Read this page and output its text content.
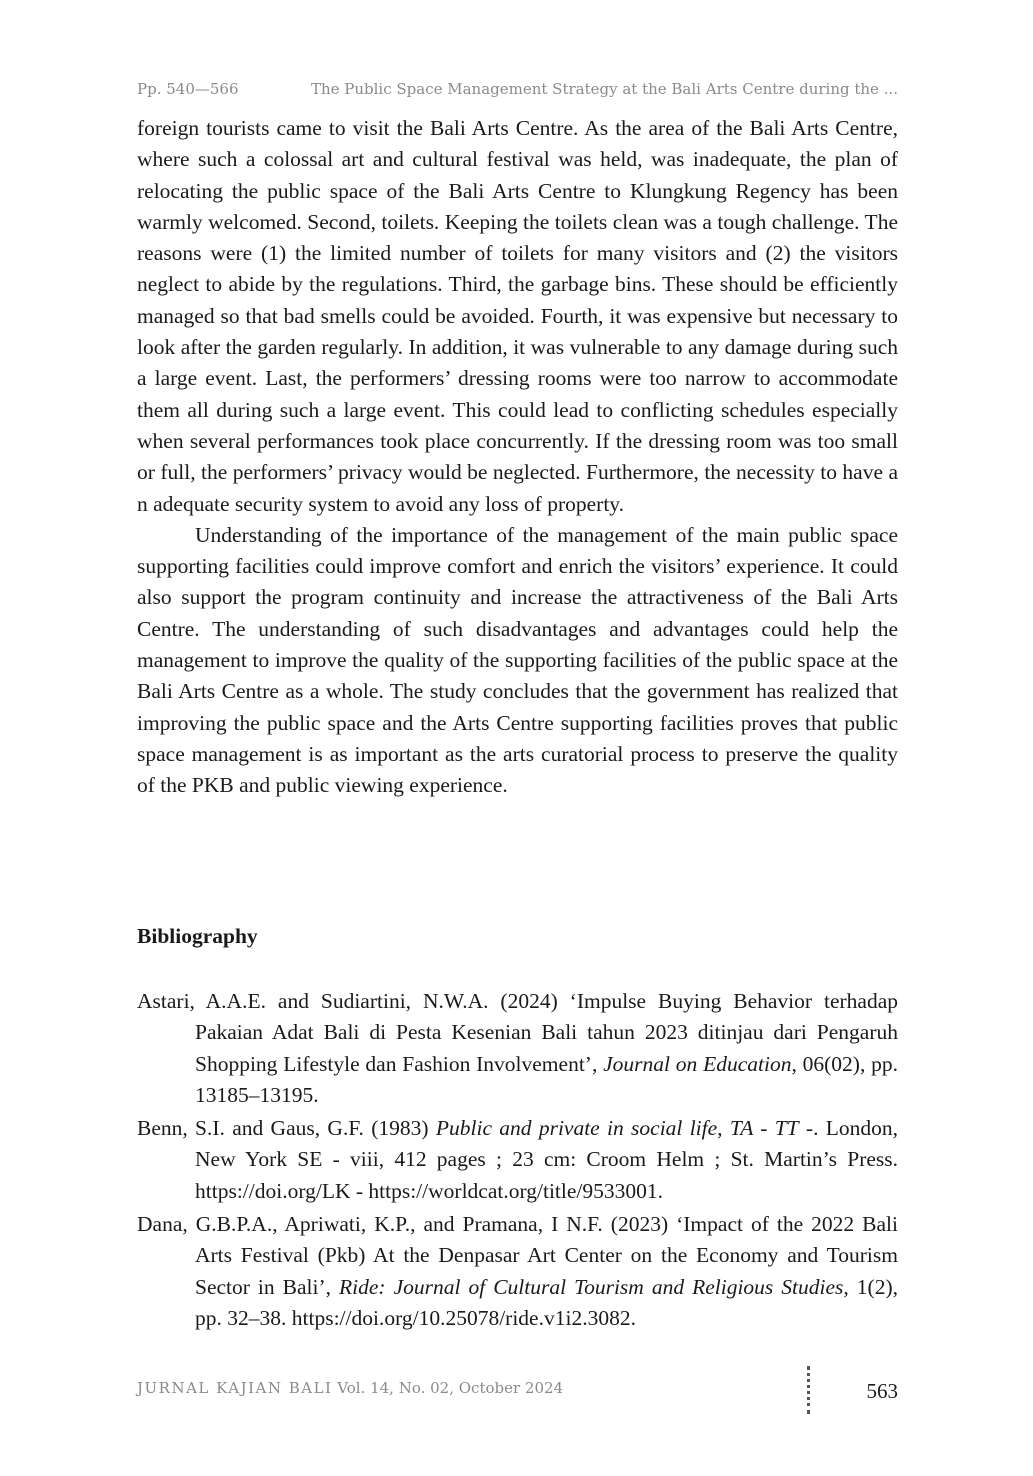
Pp. 540—566	The Public Space Management Strategy at the Bali Arts Centre during the ...

foreign tourists came to visit the Bali Arts Centre. As the area of the Bali Arts Centre, where such a colossal art and cultural festival was held, was inadequate, the plan of relocating the public space of the Bali Arts Centre to Klungkung Regency has been warmly welcomed. Second, toilets. Keeping the toilets clean was a tough challenge. The reasons were (1) the limited number of toilets for many visitors and (2) the visitors neglect to abide by the regulations. Third, the garbage bins. These should be efficiently managed so that bad smells could be avoided. Fourth, it was expensive but necessary to look after the garden regularly. In addition, it was vulnerable to any damage during such a large event. Last, the performers’ dressing rooms were too narrow to accommodate them all during such a large event. This could lead to conflicting schedules especially when several performances took place concurrently. If the dressing room was too small or full, the performers’ privacy would be neglected. Furthermore, the necessity to have a n adequate security system to avoid any loss of property.

Understanding of the importance of the management of the main public space supporting facilities could improve comfort and enrich the visitors’ experience. It could also support the program continuity and increase the attractiveness of the Bali Arts Centre. The understanding of such disadvantages and advantages could help the management to improve the quality of the supporting facilities of the public space at the Bali Arts Centre as a whole. The study concludes that the government has realized that improving the public space and the Arts Centre supporting facilities proves that public space management is as important as the arts curatorial process to preserve the quality of the PKB and public viewing experience.

Bibliography
Astari, A.A.E. and Sudiartini, N.W.A. (2024) ‘Impulse Buying Behavior terhadap Pakaian Adat Bali di Pesta Kesenian Bali tahun 2023 ditinjau dari Pengaruh Shopping Lifestyle dan Fashion Involvement’, Journal on Education, 06(02), pp. 13185–13195.
Benn, S.I. and Gaus, G.F. (1983) Public and private in social life, TA - TT -. London, New York SE - viii, 412 pages ; 23 cm: Croom Helm ; St. Martin’s Press. https://doi.org/LK - https://worldcat.org/title/9533001.
Dana, G.B.P.A., Apriwati, K.P., and Pramana, I N.F. (2023) ‘Impact of the 2022 Bali Arts Festival (Pkb) At the Denpasar Art Center on the Economy and Tourism Sector in Bali’, Ride: Journal of Cultural Tourism and Religious Studies, 1(2), pp. 32–38. https://doi.org/10.25078/ride.v1i2.3082.
JURNAL KAJIAN BALI Vol. 14, No. 02, October 2024	563
